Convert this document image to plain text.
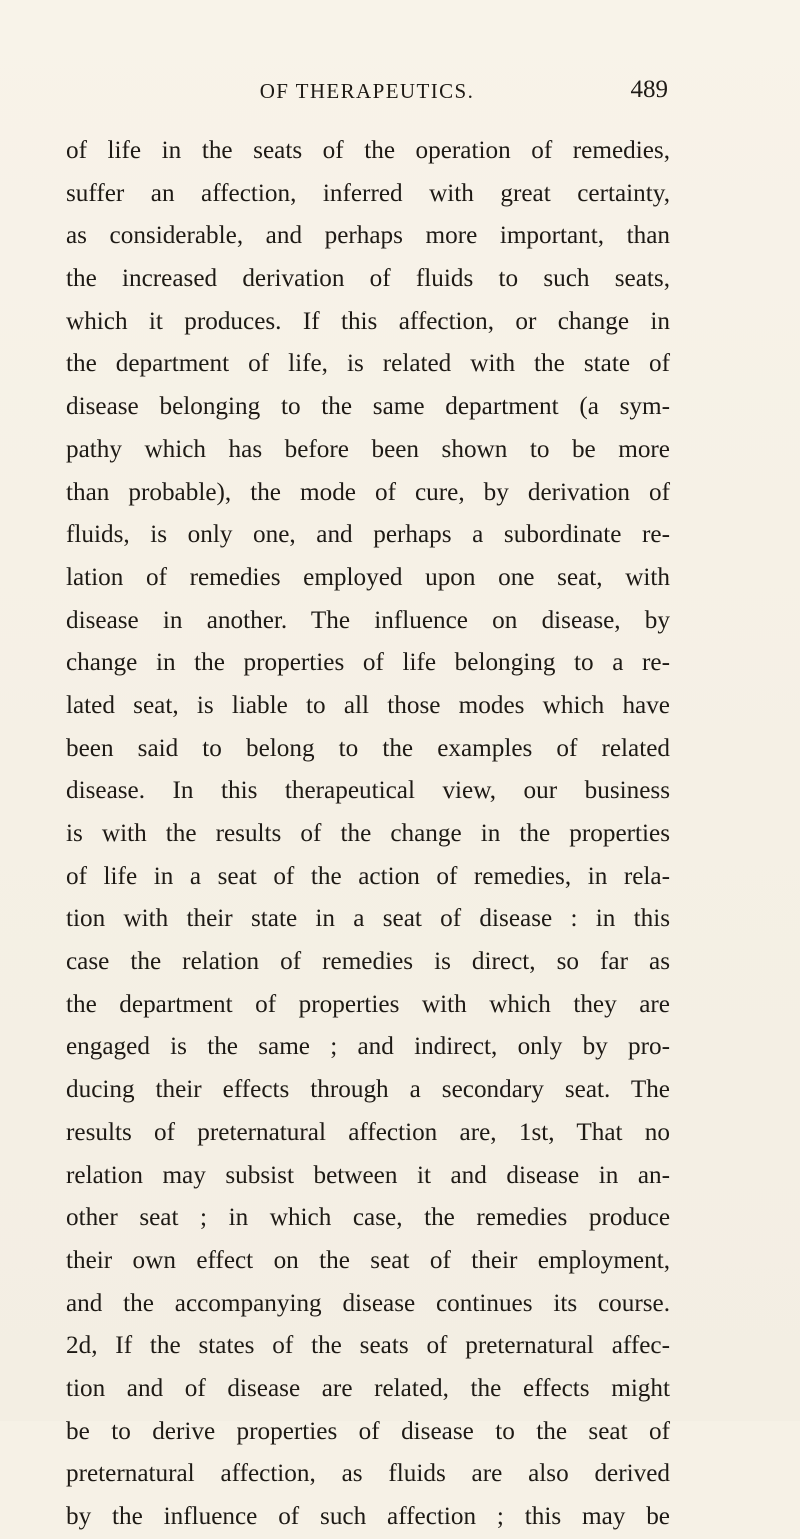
OF THERAPEUTICS.	489
of life in the seats of the operation of remedies,
suffer an affection, inferred with great certainty,
as considerable, and perhaps more important, than
the increased derivation of fluids to such seats,
which it produces. If this affection, or change in
the department of life, is related with the state of
disease belonging to the same department (a sym-
pathy which has before been shown to be more
than probable), the mode of cure, by derivation of
fluids, is only one, and perhaps a subordinate re-
lation of remedies employed upon one seat, with
disease in another. The influence on disease, by
change in the properties of life belonging to a re-
lated seat, is liable to all those modes which have
been said to belong to the examples of related
disease. In this therapeutical view, our business
is with the results of the change in the properties
of life in a seat of the action of remedies, in rela-
tion with their state in a seat of disease : in this
case the relation of remedies is direct, so far as
the department of properties with which they are
engaged is the same ; and indirect, only by pro-
ducing their effects through a secondary seat. The
results of preternatural affection are, 1st, That no
relation may subsist between it and disease in an-
other seat ; in which case, the remedies produce
their own effect on the seat of their employment,
and the accompanying disease continues its course.
2d, If the states of the seats of preternatural affec-
tion and of disease are related, the effects might
be to derive properties of disease to the seat of
preternatural affection, as fluids are also derived
by the influence of such affection ; this may be
